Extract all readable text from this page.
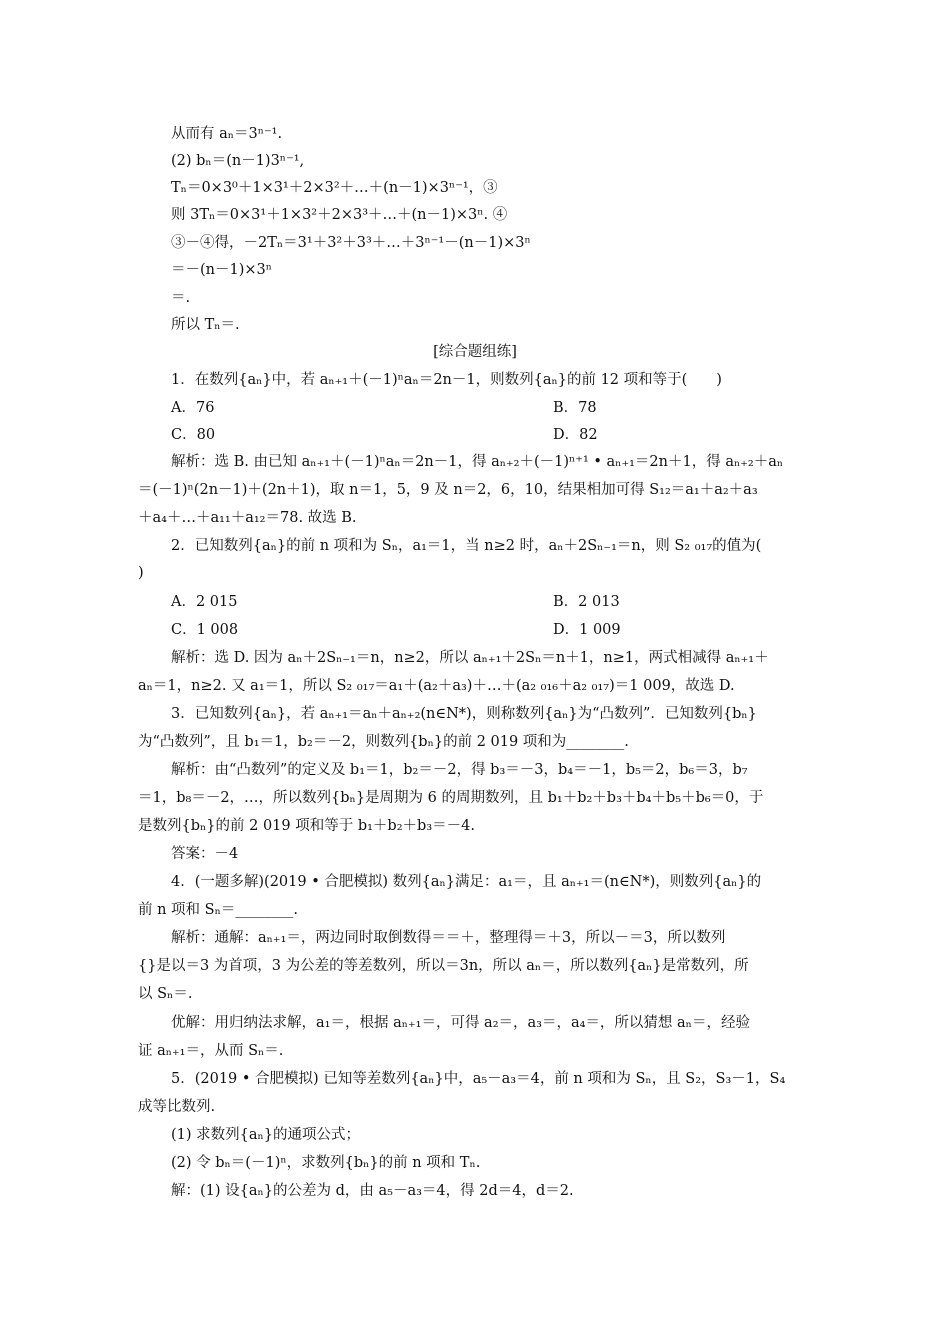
从而有 aₙ＝3ⁿ⁻¹.
(2) bₙ＝(n－1)3ⁿ⁻¹,
Tₙ＝0×3⁰＋1×3¹＋2×3²＋…＋(n－1)×3ⁿ⁻¹，③
则 3Tₙ＝0×3¹＋1×3²＋2×3³＋…＋(n－1)×3ⁿ. ④
③－④得，－2Tₙ＝3¹＋3²＋3³＋…＋3ⁿ⁻¹－(n－1)×3ⁿ
＝－(n－1)×3ⁿ
＝.
所以 Tₙ＝.
[综合题组练]
1．在数列{aₙ}中，若 aₙ₊₁＋(－1)ⁿaₙ＝2n－1，则数列{aₙ}的前 12 项和等于(　　)
A．76	B．78
C．80	D．82
解析：选 B. 由已知 aₙ₊₁＋(－1)ⁿaₙ＝2n－1，得 aₙ₊₂＋(－1)ⁿ⁺¹ • aₙ₊₁＝2n＋1，得 aₙ₊₂＋aₙ
＝(－1)ⁿ(2n－1)＋(2n＋1)，取 n＝1，5，9 及 n＝2，6，10，结果相加可得 S₁₂＝a₁＋a₂＋a₃
＋a₄＋…＋a₁₁＋a₁₂＝78. 故选 B.
2．已知数列{aₙ}的前 n 项和为 Sₙ，a₁＝1，当 n≥2 时，aₙ＋2Sₙ₋₁＝n，则 S₂ ₀₁₇的值为(
)
A．2 015	B．2 013
C．1 008	D．1 009
解析：选 D. 因为 aₙ＋2Sₙ₋₁＝n，n≥2，所以 aₙ₊₁＋2Sₙ＝n＋1，n≥1，两式相减得 aₙ₊₁＋
aₙ＝1，n≥2. 又 a₁＝1，所以 S₂ ₀₁₇＝a₁＋(a₂＋a₃)＋…＋(a₂ ₀₁₆＋a₂ ₀₁₇)＝1 009，故选 D.
3．已知数列{aₙ}，若 aₙ₊₁＝aₙ＋aₙ₊₂(n∈N*)，则称数列{aₙ}为“凸数列”．已知数列{bₙ}
为“凸数列”，且 b₁＝1，b₂＝－2，则数列{bₙ}的前 2 019 项和为________.
解析：由“凸数列”的定义及 b₁＝1，b₂＝－2，得 b₃＝－3，b₄＝－1，b₅＝2，b₆＝3，b₇
＝1，b₈＝－2，…，所以数列{bₙ}是周期为 6 的周期数列，且 b₁＋b₂＋b₃＋b₄＋b₅＋b₆＝0，于
是数列{bₙ}的前 2 019 项和等于 b₁＋b₂＋b₃＝－4.
答案：－4
4．(一题多解)(2019 • 合肥模拟) 数列{aₙ}满足：a₁＝，且 aₙ₊₁＝(n∈N*)，则数列{aₙ}的
前 n 项和 Sₙ＝________.
解析：通解：aₙ₊₁＝，两边同时取倒数得＝＝＋，整理得＝＋3，所以－＝3，所以数列
{}是以＝3 为首项，3 为公差的等差数列，所以＝3n，所以 aₙ＝，所以数列{aₙ}是常数列，所
以 Sₙ＝.
优解：用归纳法求解，a₁＝，根据 aₙ₊₁＝，可得 a₂＝，a₃＝，a₄＝，所以猜想 aₙ＝，经验
证 aₙ₊₁＝，从而 Sₙ＝.
5．(2019 • 合肥模拟) 已知等差数列{aₙ}中，a₅－a₃＝4，前 n 项和为 Sₙ，且 S₂，S₃－1，S₄
成等比数列.
(1) 求数列{aₙ}的通项公式；
(2) 令 bₙ＝(－1)ⁿ，求数列{bₙ}的前 n 项和 Tₙ.
解：(1) 设{aₙ}的公差为 d，由 a₅－a₃＝4，得 2d＝4，d＝2.
